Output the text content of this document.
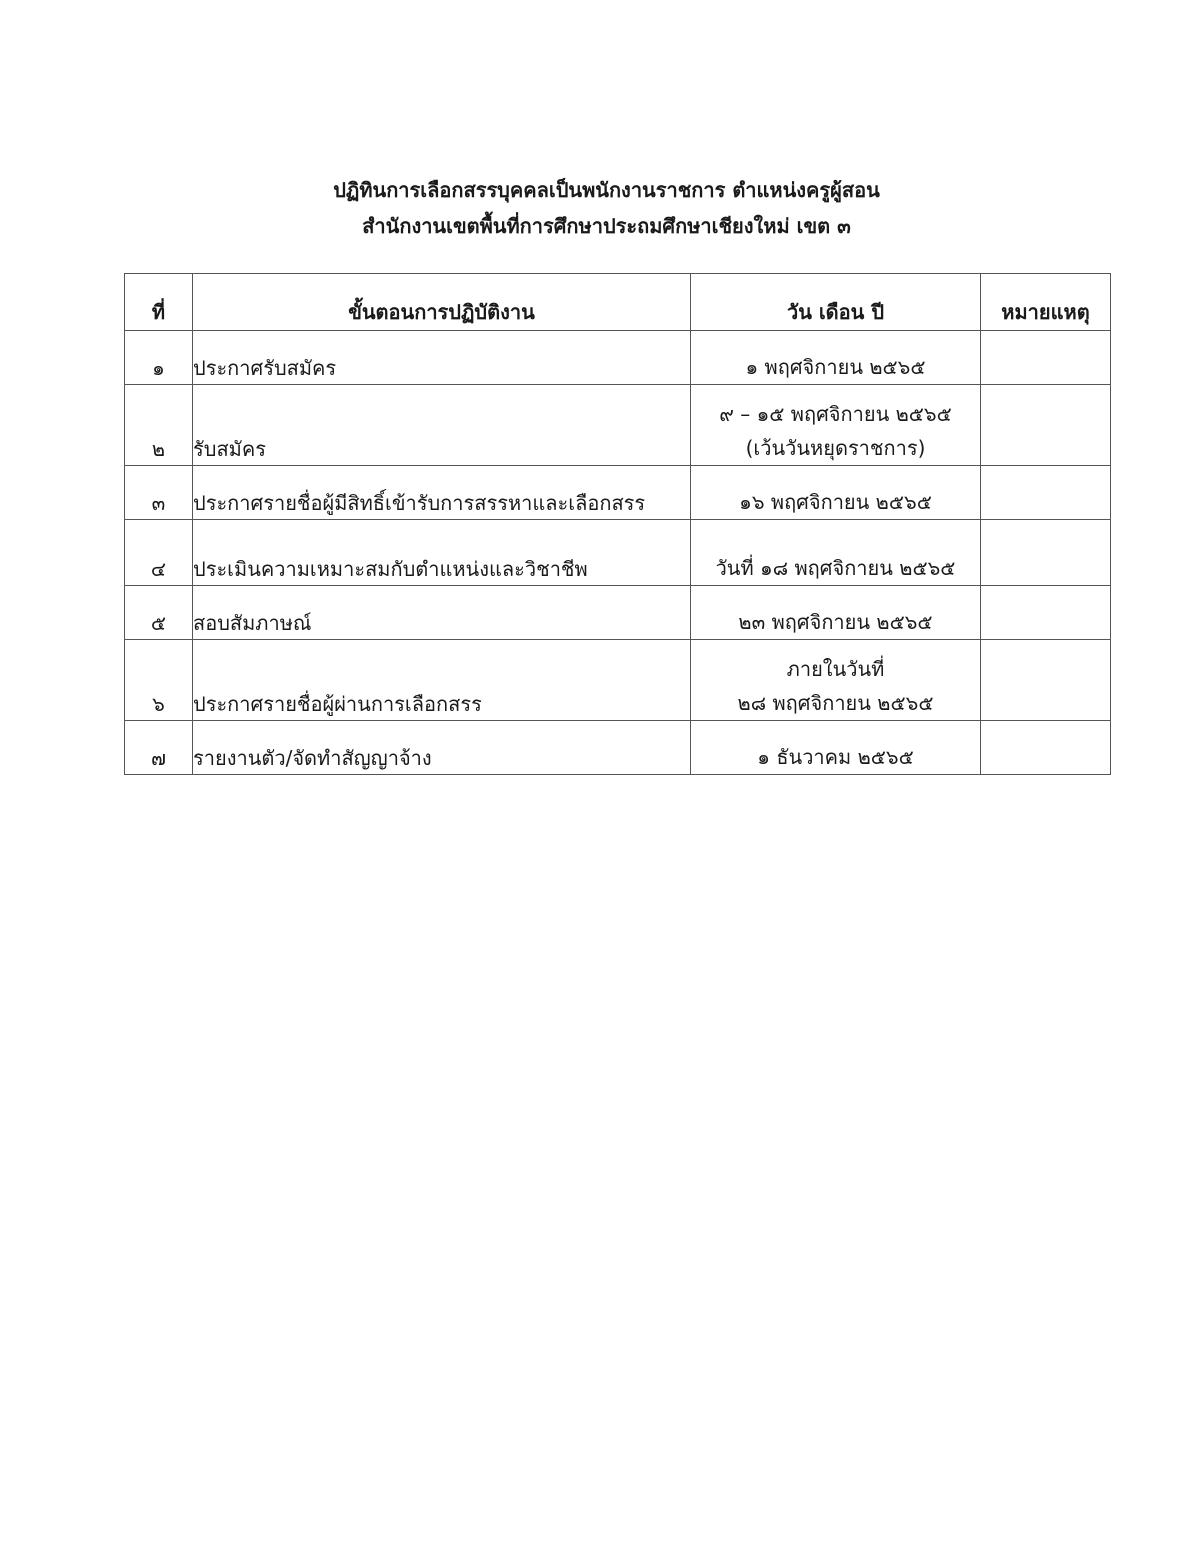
ปฏิทินการเลือกสรรบุคคลเป็นพนักงานราชการ ตำแหน่งครูผู้สอน
สำนักงานเขตพื้นที่การศึกษาประถมศึกษาเชียงใหม่ เขต ๓
ที่	ขั้นตอนการปฏิบัติงาน	วัน เดือน ปี	หมายแหตุ
๑	ประกาศรับสมัคร	๑ พฤศจิกายน ๒๕๖๕	

๒	รับสมัคร	๙ – ๑๕ พฤศจิกายน ๒๕๖๕
(เว้นวันหยุดราชการ)	

๓	ประกาศรายชื่อผู้มีสิทธิ์เข้ารับการสรรหาและเลือกสรร	๑๖ พฤศจิกายน ๒๕๖๕	

๔	ประเมินความเหมาะสมกับตำแหน่งและวิชาชีพ	วันที่ ๑๘ พฤศจิกายน ๒๕๖๕	

๕	สอบสัมภาษณ์	๒๓ พฤศจิกายน ๒๕๖๕	

๖	ประกาศรายชื่อผู้ผ่านการเลือกสรร	ภายในวันที่
๒๘ พฤศจิกายน ๒๕๖๕	

๗	รายงานตัว/จัดทำสัญญาจ้าง	๑ ธันวาคม ๒๕๖๕	
